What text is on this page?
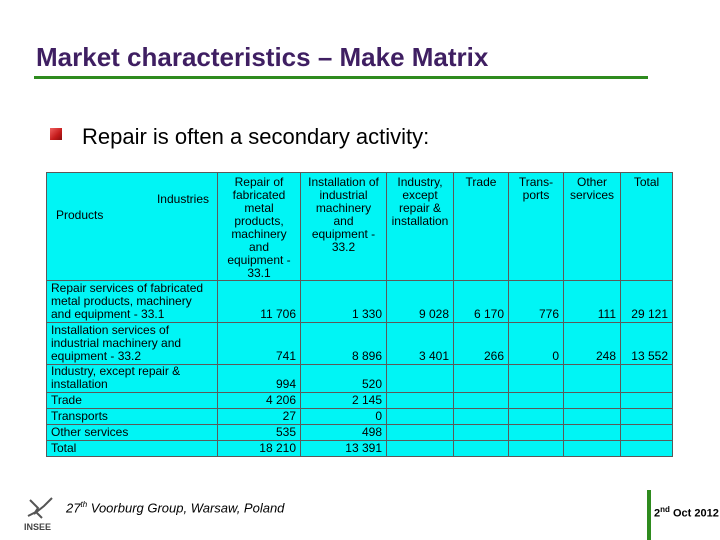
Market characteristics – Make Matrix
Repair is often a secondary activity:
Industries
Products	Repair of fabricated metal products, machinery and equipment - 33.1	Installation of industrial machinery and equipment - 33.2	Industry, except repair & installation	Trade	Trans-ports	Other services	Total
Repair services of fabricated metal products, machinery and equipment - 33.1	11 706	1 330	9 028	6 170	776	111	29 121
Installation services of industrial machinery and equipment - 33.2	741	8 896	3 401	266	0	248	13 552
Industry, except repair & installation	994	520					
Trade	4 206	2 145					
Transports	27	0					
Other services	535	498					
Total	18 210	13 391					
INSEE
27th Voorburg Group, Warsaw, Poland	2nd Oct 2012
